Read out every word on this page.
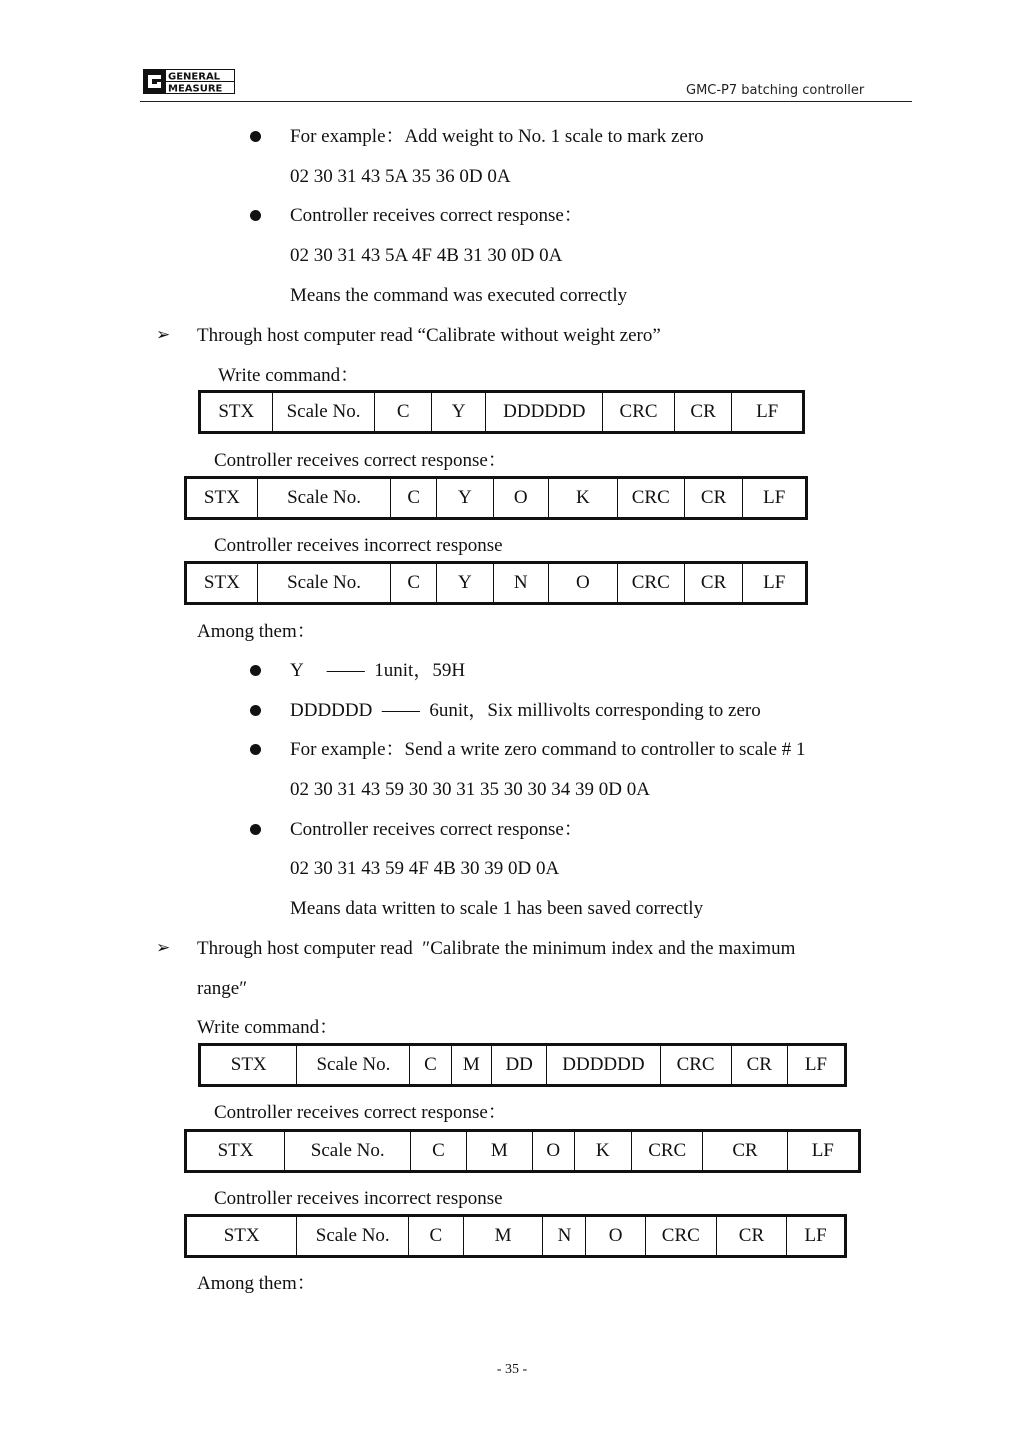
GENERAL
MEASURE	GMC-P7 batching controller
For example：Add weight to No. 1 scale to mark zero
02 30 31 43 5A 35 36 0D 0A
Controller receives correct response：
02 30 31 43 5A 4F 4B 31 30 0D 0A
Means the command was executed correctly
➢ Through host computer read “Calibrate without weight zero”
Write command：
STX	Scale No.	C	Y	DDDDDD	CRC	CR	LF
Controller receives correct response：
STX	Scale No.	C	Y	O	K	CRC	CR	LF
Controller receives incorrect response
STX	Scale No.	C	Y	N	O	CRC	CR	LF
Among them：
Y     ——  1unit，59H
DDDDDD  ——  6unit，Six millivolts corresponding to zero
For example：Send a write zero command to controller to scale # 1
02 30 31 43 59 30 30 31 35 30 30 34 39 0D 0A
Controller receives correct response：
02 30 31 43 59 4F 4B 30 39 0D 0A
Means data written to scale 1 has been saved correctly
➢ Through host computer read  ″Calibrate the minimum index and the maximum
range″
Write command：
STX	Scale No.	C	M	DD	DDDDDD	CRC	CR	LF
Controller receives correct response：
STX	Scale No.	C	M	O	K	CRC	CR	LF
Controller receives incorrect response
STX	Scale No.	C	M	N	O	CRC	CR	LF
Among them：
- 35 -
